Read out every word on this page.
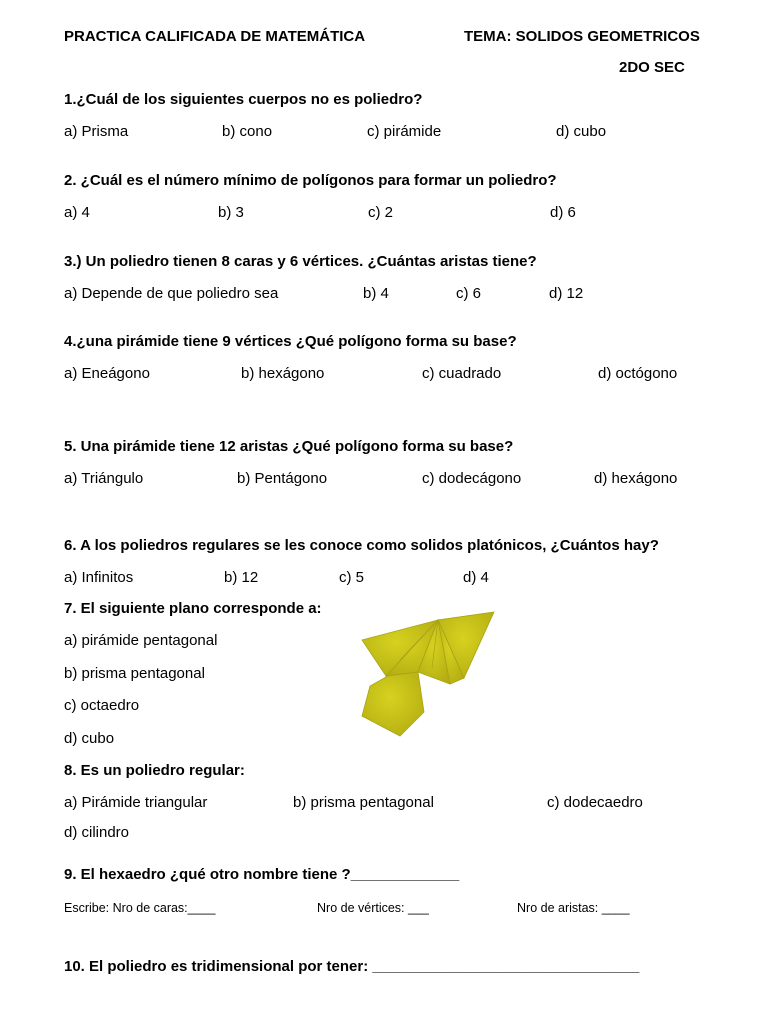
PRACTICA CALIFICADA DE MATEMÁTICA	TEMA: SOLIDOS GEOMETRICOS
2DO SEC
1.¿Cuál de los siguientes cuerpos no es poliedro?
a) Prisma	b) cono	c) pirámide	d) cubo
2. ¿Cuál es el número mínimo de polígonos para formar un poliedro?
a) 4	b) 3	c) 2	d) 6
3.) Un poliedro tienen 8 caras y 6 vértices. ¿Cuántas aristas tiene?
a) Depende de que poliedro sea	b) 4	c) 6	d) 12
4.¿una pirámide tiene 9 vértices ¿Qué polígono forma su base?
a) Eneágono	b) hexágono	c) cuadrado	d) octógono
5. Una pirámide tiene 12 aristas ¿Qué polígono forma su base?
a) Triángulo	b) Pentágono	c) dodecágono	d) hexágono
6. A los poliedros regulares se les conoce como solidos platónicos, ¿Cuántos hay?
a) Infinitos	b) 12	c) 5	d) 4
7. El siguiente plano corresponde a:
a) pirámide pentagonal
b) prisma pentagonal
c) octaedro
d) cubo
8. Es un poliedro regular:
a) Pirámide triangular	b) prisma pentagonal	c) dodecaedro
d) cilindro
9. El hexaedro ¿qué otro nombre tiene ?_____________
Escribe: Nro de caras:____	Nro de vértices: ___	Nro de aristas: ____
10. El poliedro es tridimensional por tener: ________________________________
